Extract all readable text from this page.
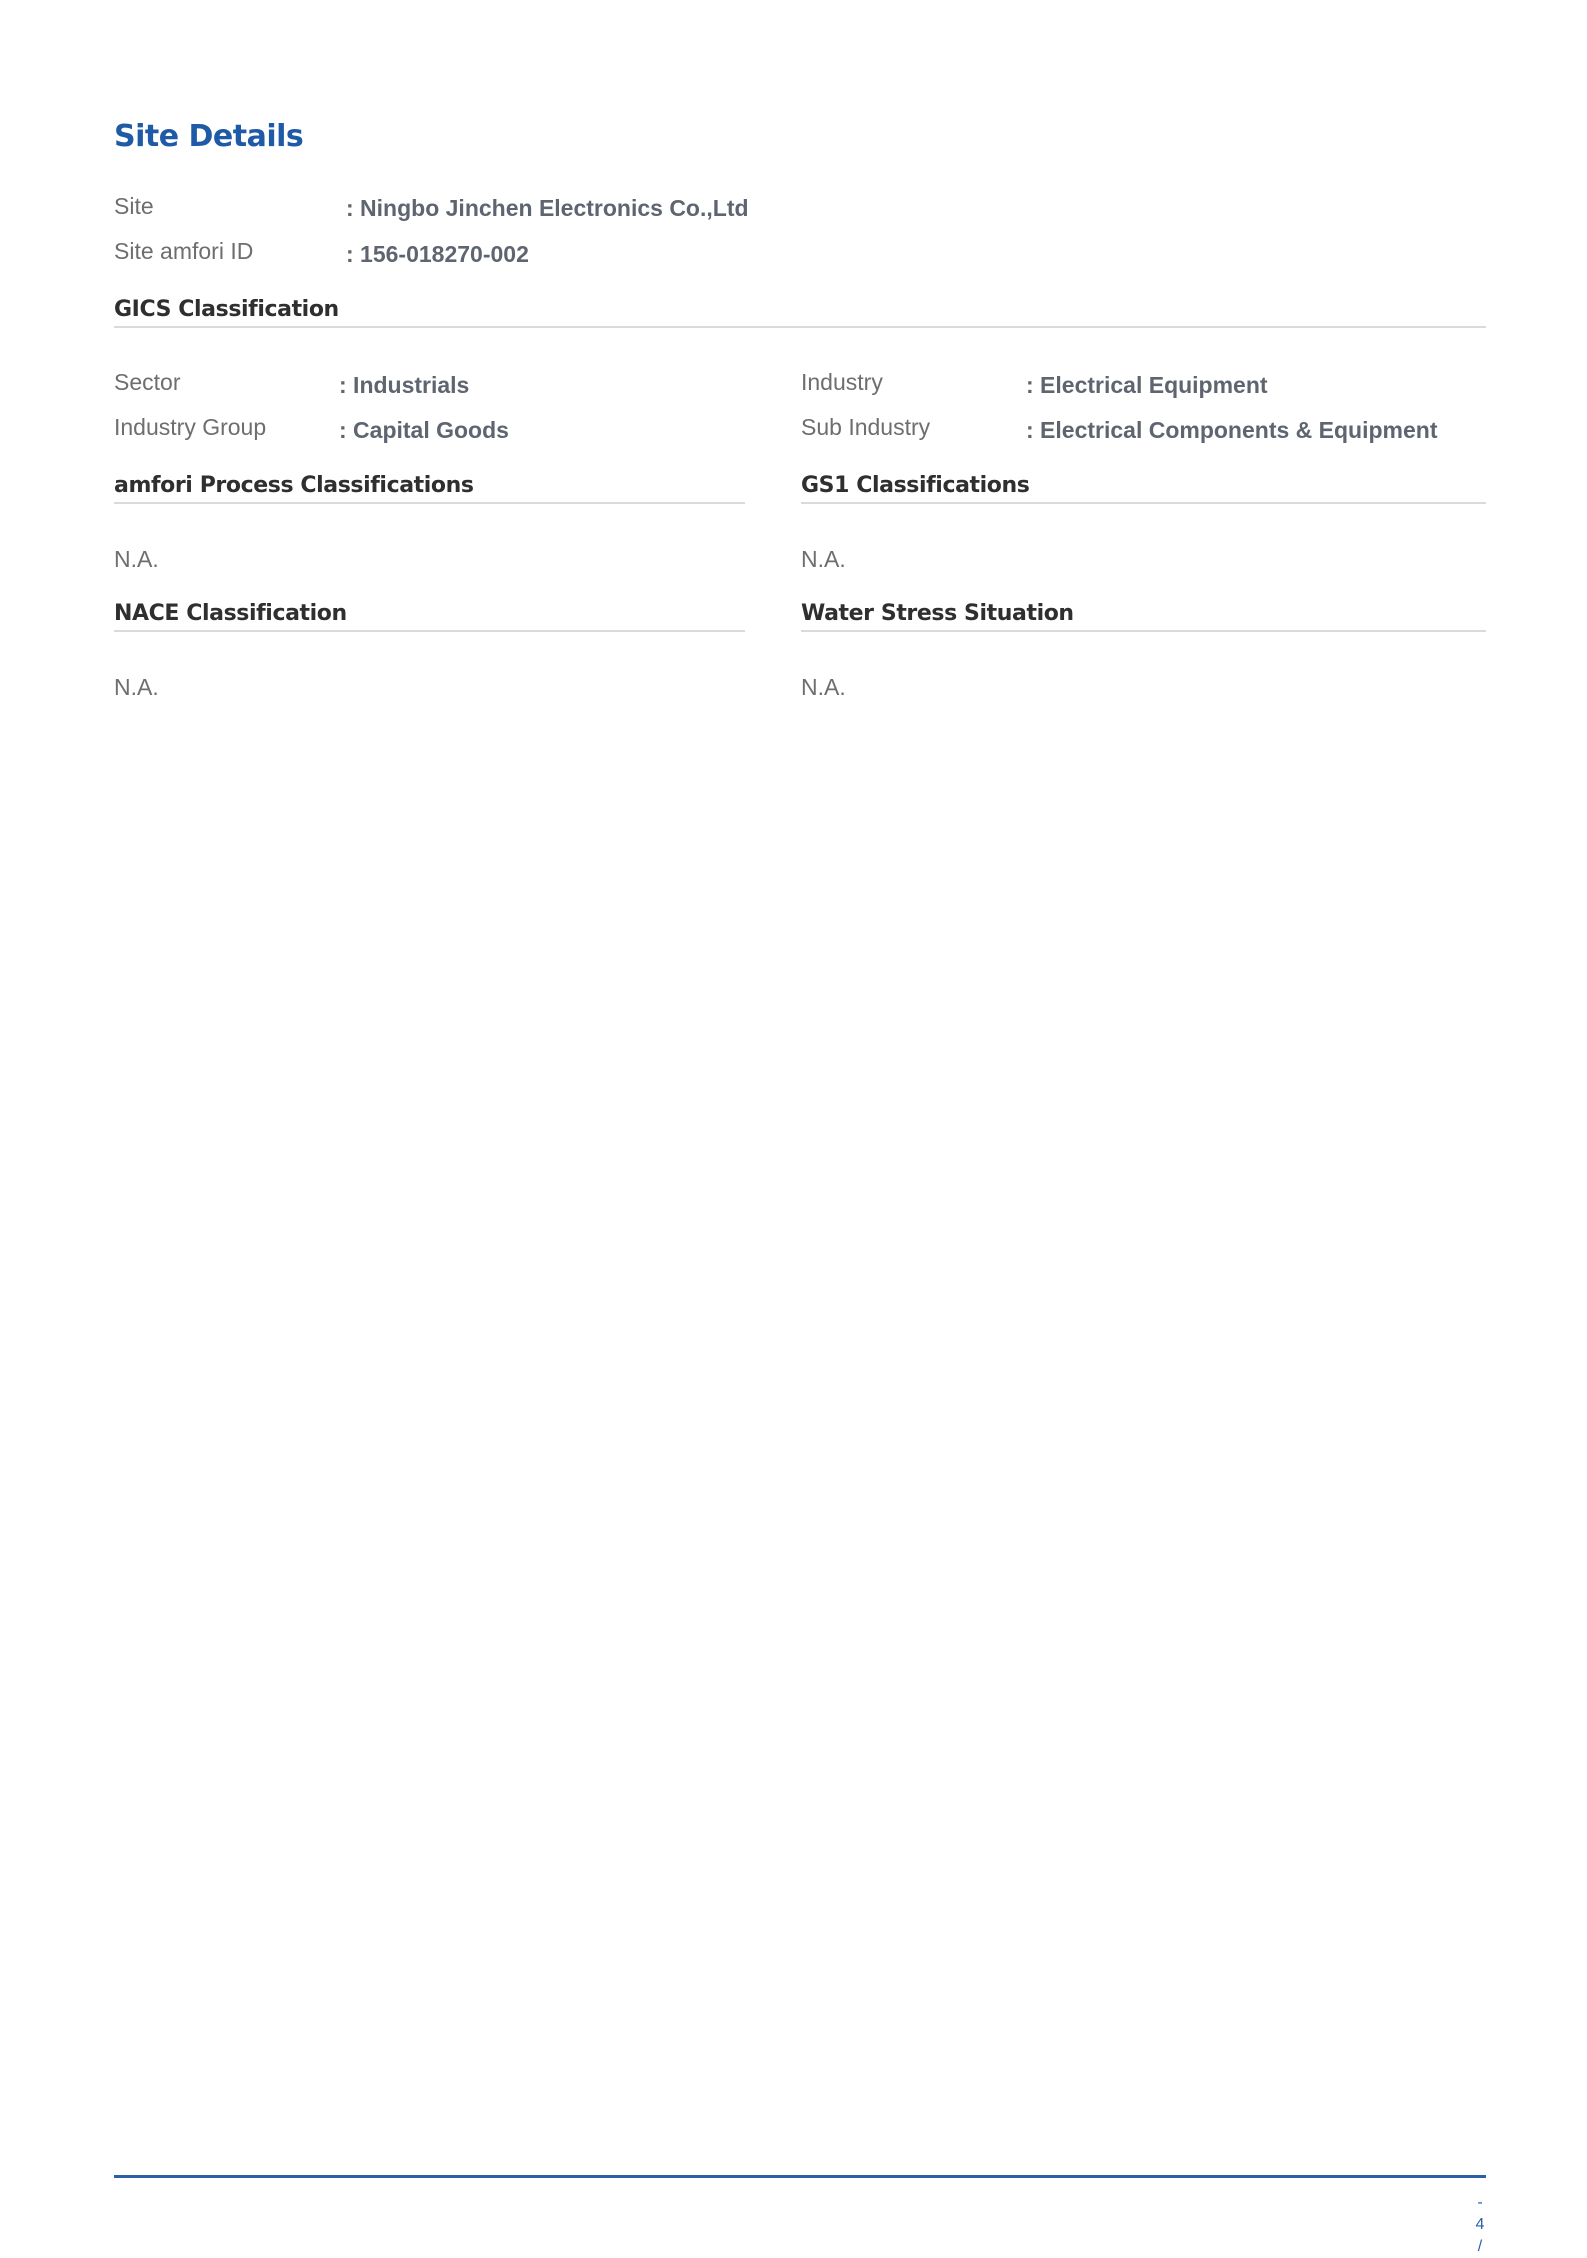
Site Details
Site	: Ningbo Jinchen Electronics Co.,Ltd
Site amfori ID	: 156-018270-002
GICS Classification
Sector	: Industrials
Industry Group	: Capital Goods
Industry	: Electrical Equipment
Sub Industry	: Electrical Components & Equipment
amfori Process Classifications
N.A.
GS1 Classifications
N.A.
NACE Classification
N.A.
Water Stress Situation
N.A.
-
4
/
